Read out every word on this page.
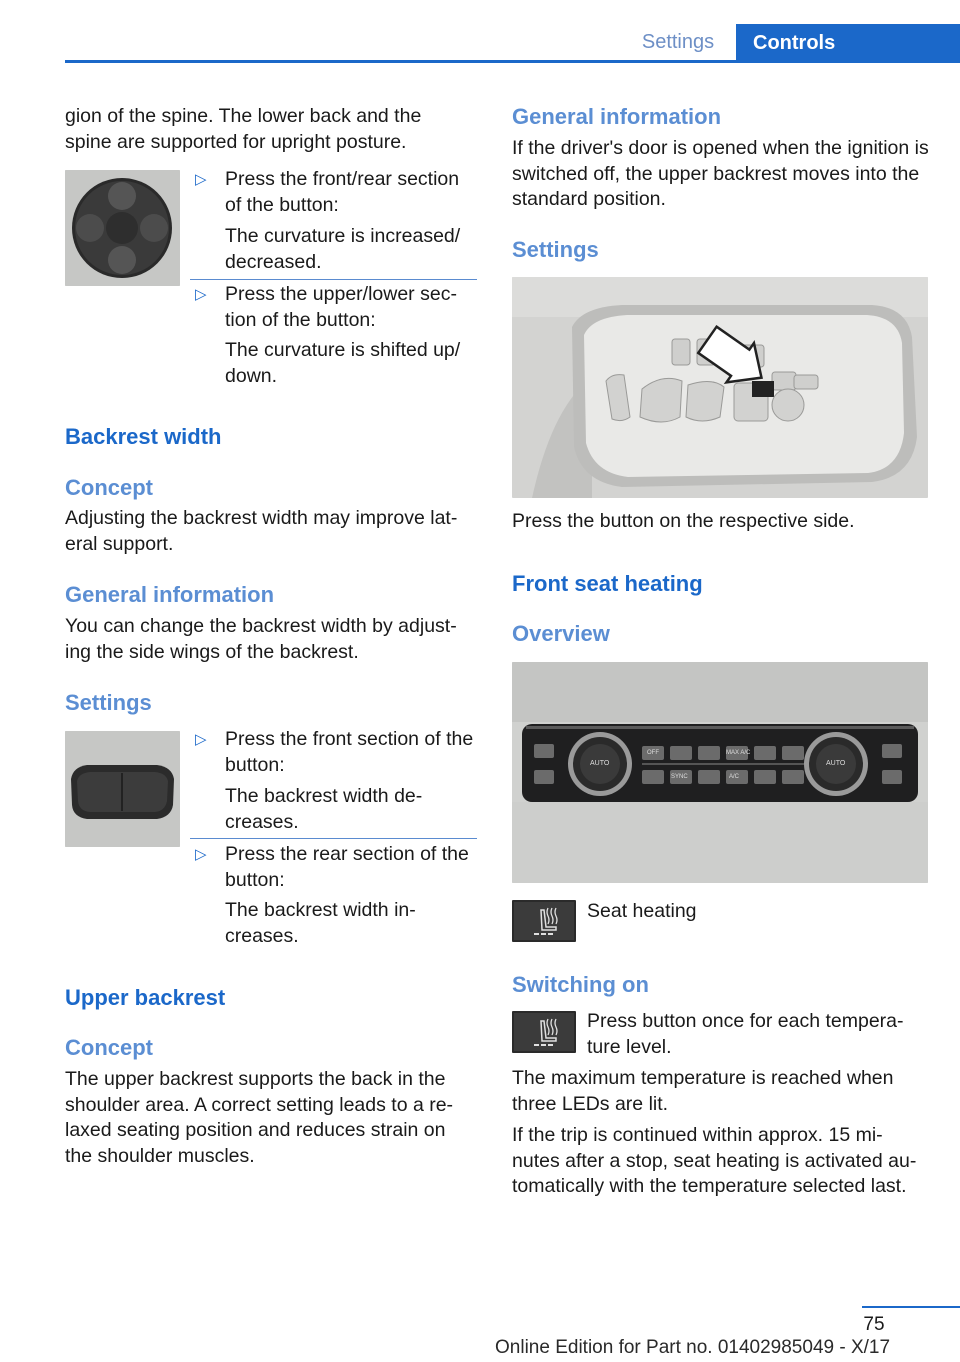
Settings	Controls

gion of the spine. The lower back and the spine are supported for upright posture.

▷ Press the front/rear section of the button:

The curvature is increased/ decreased.

▷ Press the upper/lower sec- tion of the button:

The curvature is shifted up/ down.

Backrest width
Concept

Adjusting the backrest width may improve lat- eral support.

General information

You can change the backrest width by adjust- ing the side wings of the backrest.

Settings
▷ Press the front section of the button:

The backrest width de- creases.

▷ Press the rear section of the button:

The backrest width in- creases.

Upper backrest
Concept

The upper backrest supports the back in the shoulder area. A correct setting leads to a re- laxed seating position and reduces strain on the shoulder muscles.

General information

If the driver's door is opened when the ignition is switched off, the upper backrest moves into the standard position.

Settings

Press the button on the respective side.

Front seat heating
Overview
AUTO
OFF	MAX A/C
SYNC	A/C
AUTO

Seat heating

Switching on

Press button once for each tempera- ture level.

The maximum temperature is reached when three LEDs are lit.

If the trip is continued within approx. 15 mi- nutes after a stop, seat heating is activated au- tomatically with the temperature selected last.

75
Online Edition for Part no. 01402985049 - X/17
